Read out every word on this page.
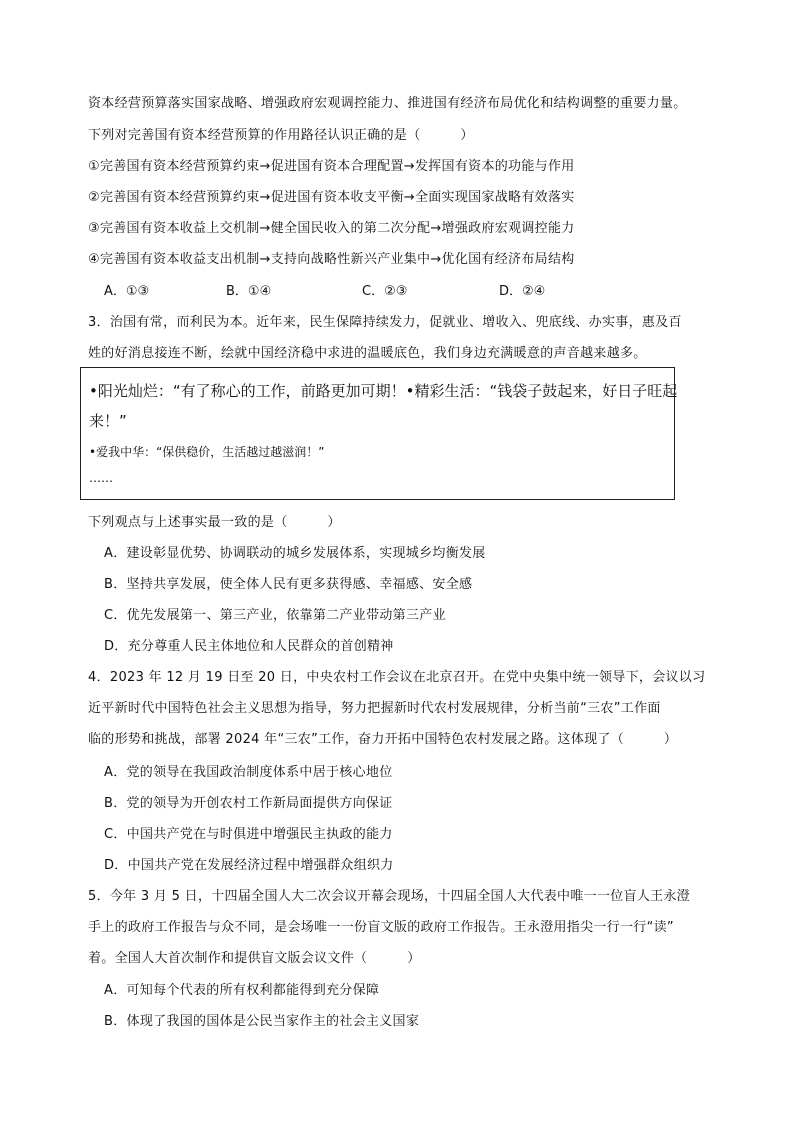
资本经营预算落实国家战略、增强政府宏观调控能力、推进国有经济布局优化和结构调整的重要力量。
下列对完善国有资本经营预算的作用路径认识正确的是（　　　）
①完善国有资本经营预算约束→促进国有资本合理配置→发挥国有资本的功能与作用
②完善国有资本经营预算约束→促进国有资本收支平衡→全面实现国家战略有效落实
③完善国有资本收益上交机制→健全国民收入的第二次分配→增强政府宏观调控能力
④完善国有资本收益支出机制→支持向战略性新兴产业集中→优化国有经济布局结构
A．①③	B．①④	C．②③	D．②④
3．治国有常，而利民为本。近年来，民生保障持续发力，促就业、增收入、兜底线、办实事，惠及百
姓的好消息接连不断，绘就中国经济稳中求进的温暖底色，我们身边充满暖意的声音越来越多。
•阳光灿烂：“有了称心的工作，前路更加可期！•精彩生活：“钱袋子鼓起来，好日子旺起
来！”
•爱我中华：“保供稳价，生活越过越滋润！”
……
下列观点与上述事实最一致的是（　　　）
A．建设彰显优势、协调联动的城乡发展体系，实现城乡均衡发展
B．坚持共享发展，使全体人民有更多获得感、幸福感、安全感
C．优先发展第一、第三产业，依靠第二产业带动第三产业
D．充分尊重人民主体地位和人民群众的首创精神
4．2023 年 12 月 19 日至 20 日，中央农村工作会议在北京召开。在党中央集中统一领导下，会议以习
近平新时代中国特色社会主义思想为指导，努力把握新时代农村发展规律，分析当前“三农”工作面
临的形势和挑战，部署 2024 年“三农”工作，奋力开拓中国特色农村发展之路。这体现了（　　　）
A．党的领导在我国政治制度体系中居于核心地位
B．党的领导为开创农村工作新局面提供方向保证
C．中国共产党在与时俱进中增强民主执政的能力
D．中国共产党在发展经济过程中增强群众组织力
5．今年 3 月 5 日，十四届全国人大二次会议开幕会现场，十四届全国人大代表中唯一一位盲人王永澄
手上的政府工作报告与众不同，是会场唯一一份盲文版的政府工作报告。王永澄用指尖一行一行“读”
着。全国人大首次制作和提供盲文版会议文件（　　　）
A．可知每个代表的所有权利都能得到充分保障
B．体现了我国的国体是公民当家作主的社会主义国家
